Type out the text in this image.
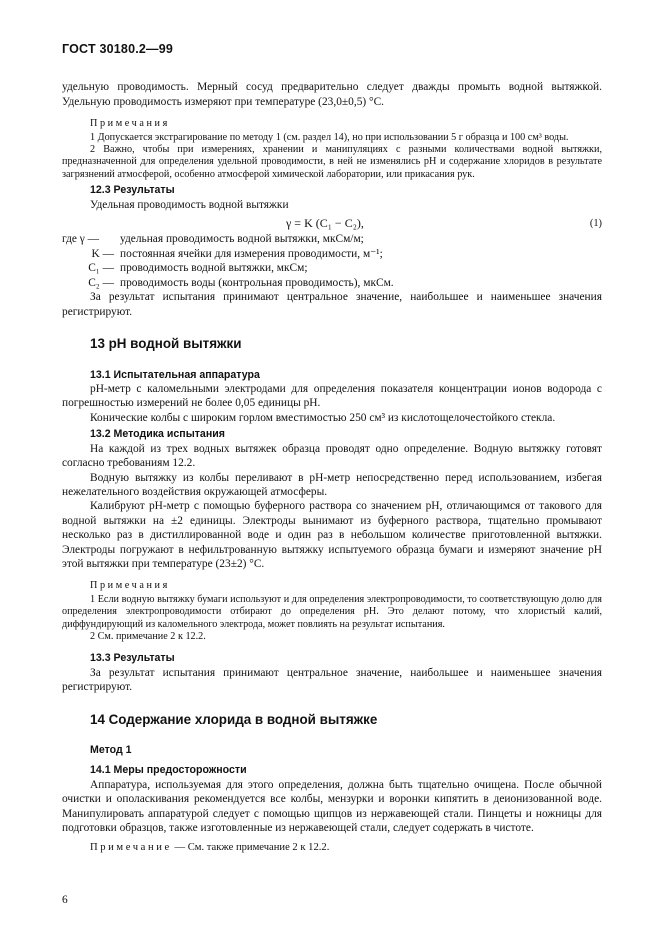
ГОСТ 30180.2—99

удельную проводимость. Мерный сосуд предварительно следует дважды промыть водной вытяжкой. Удельную проводимость измеряют при температуре (23,0±0,5) °С.

Примечания

1 Допускается экстрагирование по методу 1 (см. раздел 14), но при использовании 5 г образца и 100 см³ воды.

2 Важно, чтобы при измерениях, хранении и манипуляциях с разными количествами водной вытяжки, предназначенной для определения удельной проводимости, в ней не изменялись рН и содержание хлоридов в результате загрязнений атмосферой, особенно атмосферой химической лаборатории, или прикасания рук.

12.3 Результаты

Удельная проводимость водной вытяжки

γ = K (C₁ − C₂),	(1)
где γ —	удельная проводимость водной вытяжки, мкСм/м;
K — постоянная ячейки для измерения проводимости, м⁻¹;
C₁ — проводимость водной вытяжки, мкСм;
C₂ — проводимость воды (контрольная проводимость), мкСм.

За результат испытания принимают центральное значение, наибольшее и наименьшее значения регистрируют.

13 рН водной вытяжки
13.1 Испытательная аппаратура

рН-метр с каломельными электродами для определения показателя концентрации ионов водорода с погрешностью измерений не более 0,05 единицы рН.

Конические колбы с широким горлом вместимостью 250 см³ из кислотощелочестойкого стекла.

13.2 Методика испытания

На каждой из трех водных вытяжек образца проводят одно определение. Водную вытяжку готовят согласно требованиям 12.2.

Водную вытяжку из колбы переливают в рН-метр непосредственно перед использованием, избегая нежелательного воздействия окружающей атмосферы.

Калибруют рН-метр с помощью буферного раствора со значением рН, отличающимся от такового для водной вытяжки на ±2 единицы. Электроды вынимают из буферного раствора, тщательно промывают несколько раз в дистиллированной воде и один раз в небольшом количестве приготовленной вытяжки. Электроды погружают в нефильтрованную вытяжку испытуемого образца бумаги и измеряют значение рН этой вытяжки при температуре (23±2) °С.

Примечания

1 Если водную вытяжку бумаги используют и для определения электропроводимости, то соответствующую долю для определения электропроводимости отбирают до определения рН. Это делают потому, что хлористый калий, диффундирующий из каломельного электрода, может повлиять на результат испытания.

2 См. примечание 2 к 12.2.

13.3 Результаты

За результат испытания принимают центральное значение, наибольшее и наименьшее значения регистрируют.

14 Содержание хлорида в водной вытяжке
Метод 1
14.1 Меры предосторожности

Аппаратура, используемая для этого определения, должна быть тщательно очищена. После обычной очистки и ополаскивания рекомендуется все колбы, мензурки и воронки кипятить в деионизованной воде. Манипулировать аппаратурой следует с помощью щипцов из нержавеющей стали. Пинцеты и ножницы для подготовки образцов, также изготовленные из нержавеющей стали, следует содержать в чистоте.

Примечание — См. также примечание 2 к 12.2.

6
